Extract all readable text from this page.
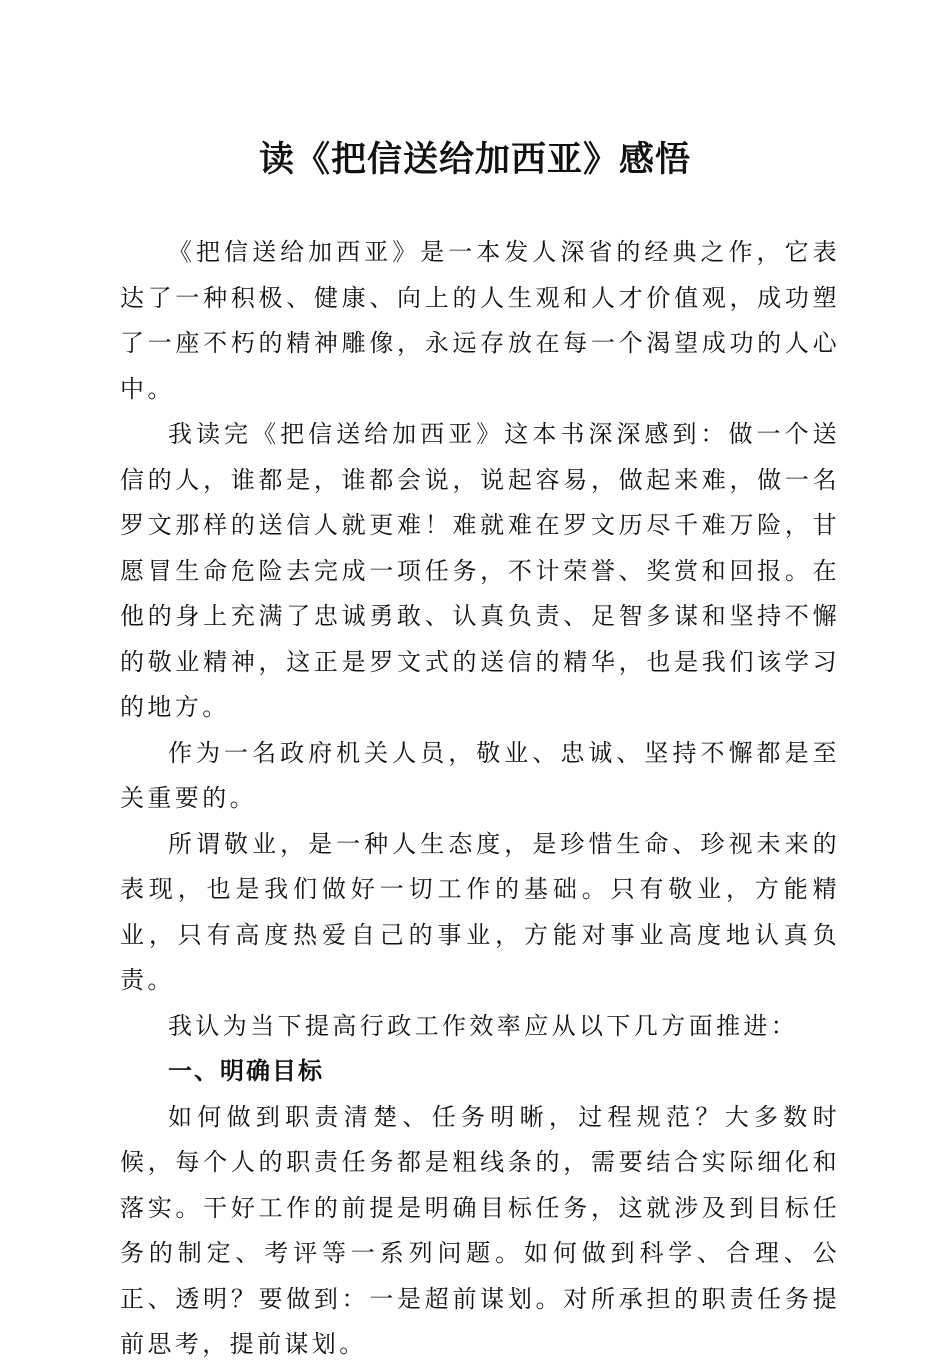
读《把信送给加西亚》感悟

《把信送给加西亚》是一本发人深省的经典之作，它表达了一种积极、健康、向上的人生观和人才价值观，成功塑了一座不朽的精神雕像，永远存放在每一个渴望成功的人心中。

我读完《把信送给加西亚》这本书深深感到：做一个送信的人，谁都是，谁都会说，说起容易，做起来难，做一名罗文那样的送信人就更难！难就难在罗文历尽千难万险，甘愿冒生命危险去完成一项任务，不计荣誉、奖赏和回报。在他的身上充满了忠诚勇敢、认真负责、足智多谋和坚持不懈的敬业精神，这正是罗文式的送信的精华，也是我们该学习的地方。

作为一名政府机关人员，敬业、忠诚、坚持不懈都是至关重要的。

所谓敬业，是一种人生态度，是珍惜生命、珍视未来的表现，也是我们做好一切工作的基础。只有敬业，方能精业，只有高度热爱自己的事业，方能对事业高度地认真负责。

我认为当下提高行政工作效率应从以下几方面推进：

一、明确目标

如何做到职责清楚、任务明晰，过程规范？大多数时候，每个人的职责任务都是粗线条的，需要结合实际细化和落实。干好工作的前提是明确目标任务，这就涉及到目标任务的制定、考评等一系列问题。如何做到科学、合理、公正、透明？要做到：一是超前谋划。对所承担的职责任务提前思考，提前谋划。
